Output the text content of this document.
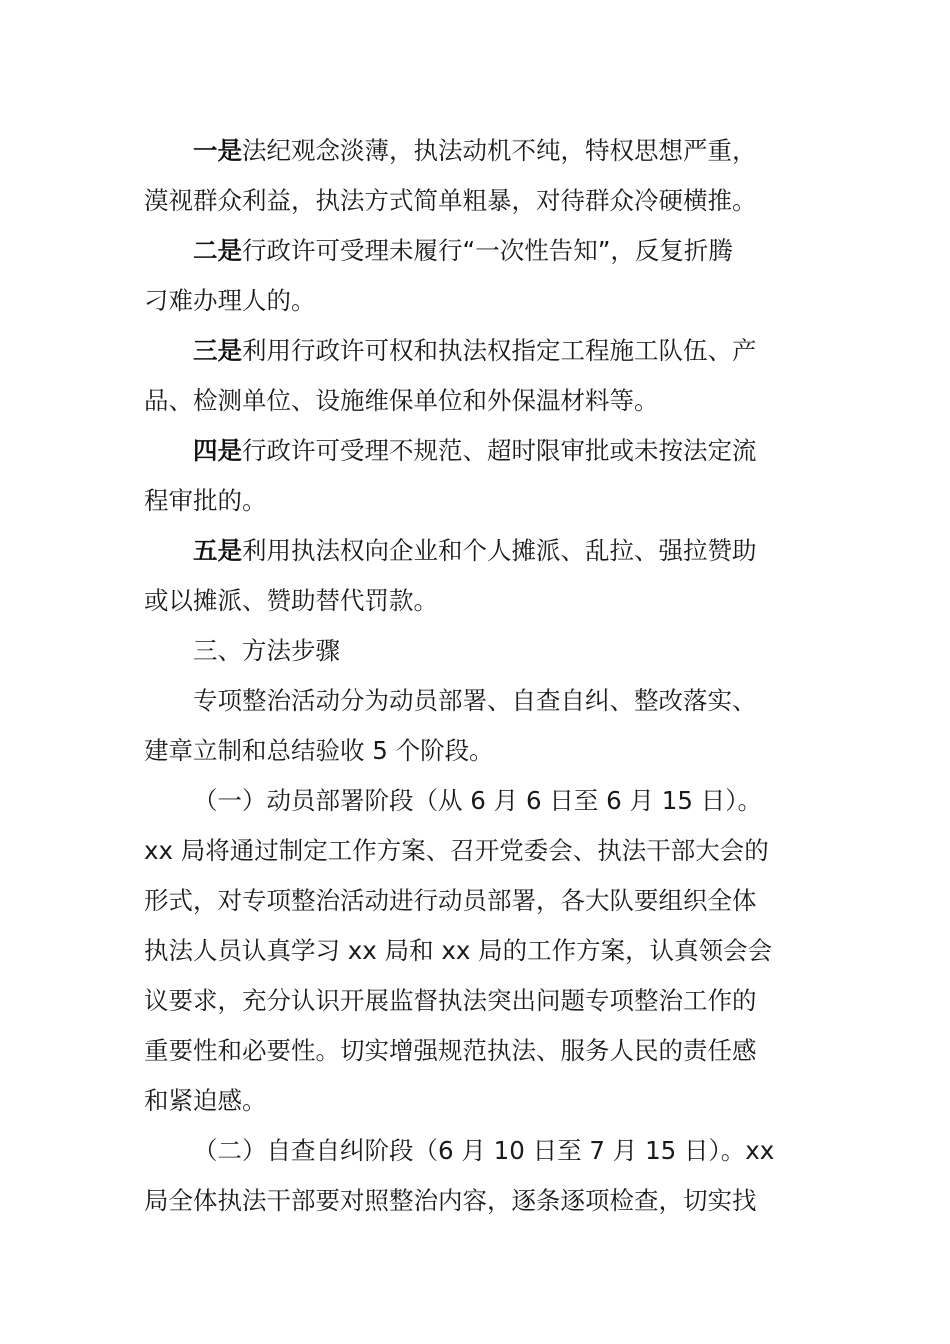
一是法纪观念淡薄，执法动机不纯，特权思想严重，
漠视群众利益，执法方式简单粗暴，对待群众冷硬横推。

二是行政许可受理未履行“一次性告知”，反复折腾
刁难办理人的。

三是利用行政许可权和执法权指定工程施工队伍、产
品、检测单位、设施维保单位和外保温材料等。

四是行政许可受理不规范、超时限审批或未按法定流
程审批的。

五是利用执法权向企业和个人摊派、乱拉、强拉赞助
或以摊派、赞助替代罚款。

三、方法步骤

专项整治活动分为动员部署、自查自纠、整改落实、
建章立制和总结验收 5 个阶段。

（一）动员部署阶段（从 6 月 6 日至 6 月 15 日）。
xx 局将通过制定工作方案、召开党委会、执法干部大会的
形式，对专项整治活动进行动员部署，各大队要组织全体
执法人员认真学习 xx 局和 xx 局的工作方案，认真领会会
议要求，充分认识开展监督执法突出问题专项整治工作的
重要性和必要性。切实增强规范执法、服务人民的责任感
和紧迫感。

（二）自查自纠阶段（6 月 10 日至 7 月 15 日）。xx
局全体执法干部要对照整治内容，逐条逐项检查，切实找
